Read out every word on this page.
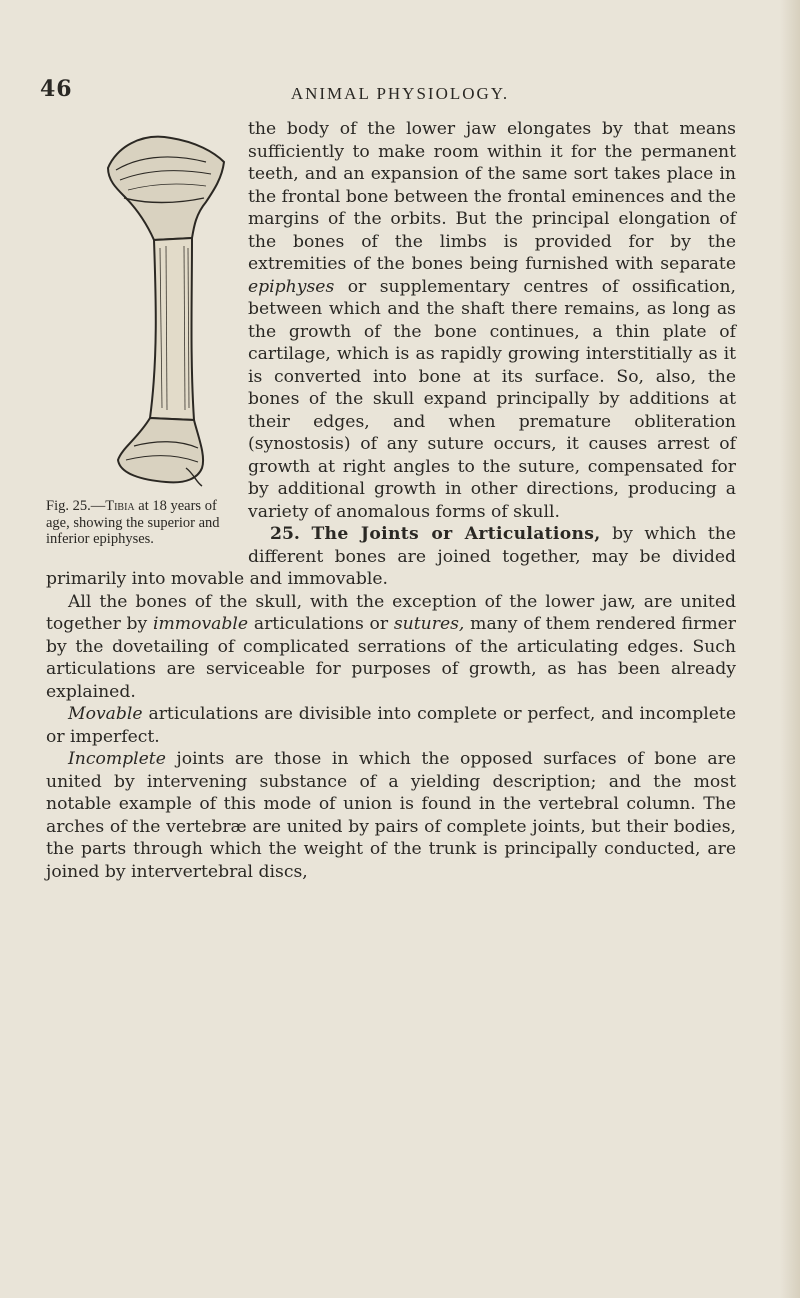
46	ANIMAL PHYSIOLOGY.

Fig. 25.—Tibia at 18 years of age, showing the superior and inferior epiphyses.
the body of the lower jaw elongates by that means sufficiently to make room within it for the permanent teeth, and an expansion of the same sort takes place in the frontal bone between the frontal eminences and the margins of the orbits. But the principal elongation of the bones of the limbs is provided for by the extremities of the bones being furnished with separate epiphyses or supplementary centres of ossification, between which and the shaft there remains, as long as the growth of the bone continues, a thin plate of cartilage, which is as rapidly growing interstitially as it is converted into bone at its surface. So, also, the bones of the skull expand principally by additions at their edges, and when premature obliteration (synostosis) of any suture occurs, it causes arrest of growth at right angles to the suture, compensated for by additional growth in other directions, producing a variety of anomalous forms of skull.

25. The Joints or Articulations, by which the different bones are joined together, may be divided primarily into movable and immovable.

All the bones of the skull, with the exception of the lower jaw, are united together by immovable articulations or sutures, many of them rendered firmer by the dovetailing of complicated serrations of the articulating edges. Such articulations are serviceable for purposes of growth, as has been already explained.

Movable articulations are divisible into complete or perfect, and incomplete or imperfect.

Incomplete joints are those in which the opposed surfaces of bone are united by intervening substance of a yielding description; and the most notable example of this mode of union is found in the vertebral column. The arches of the vertebræ are united by pairs of complete joints, but their bodies, the parts through which the weight of the trunk is principally conducted, are joined by intervertebral discs,
